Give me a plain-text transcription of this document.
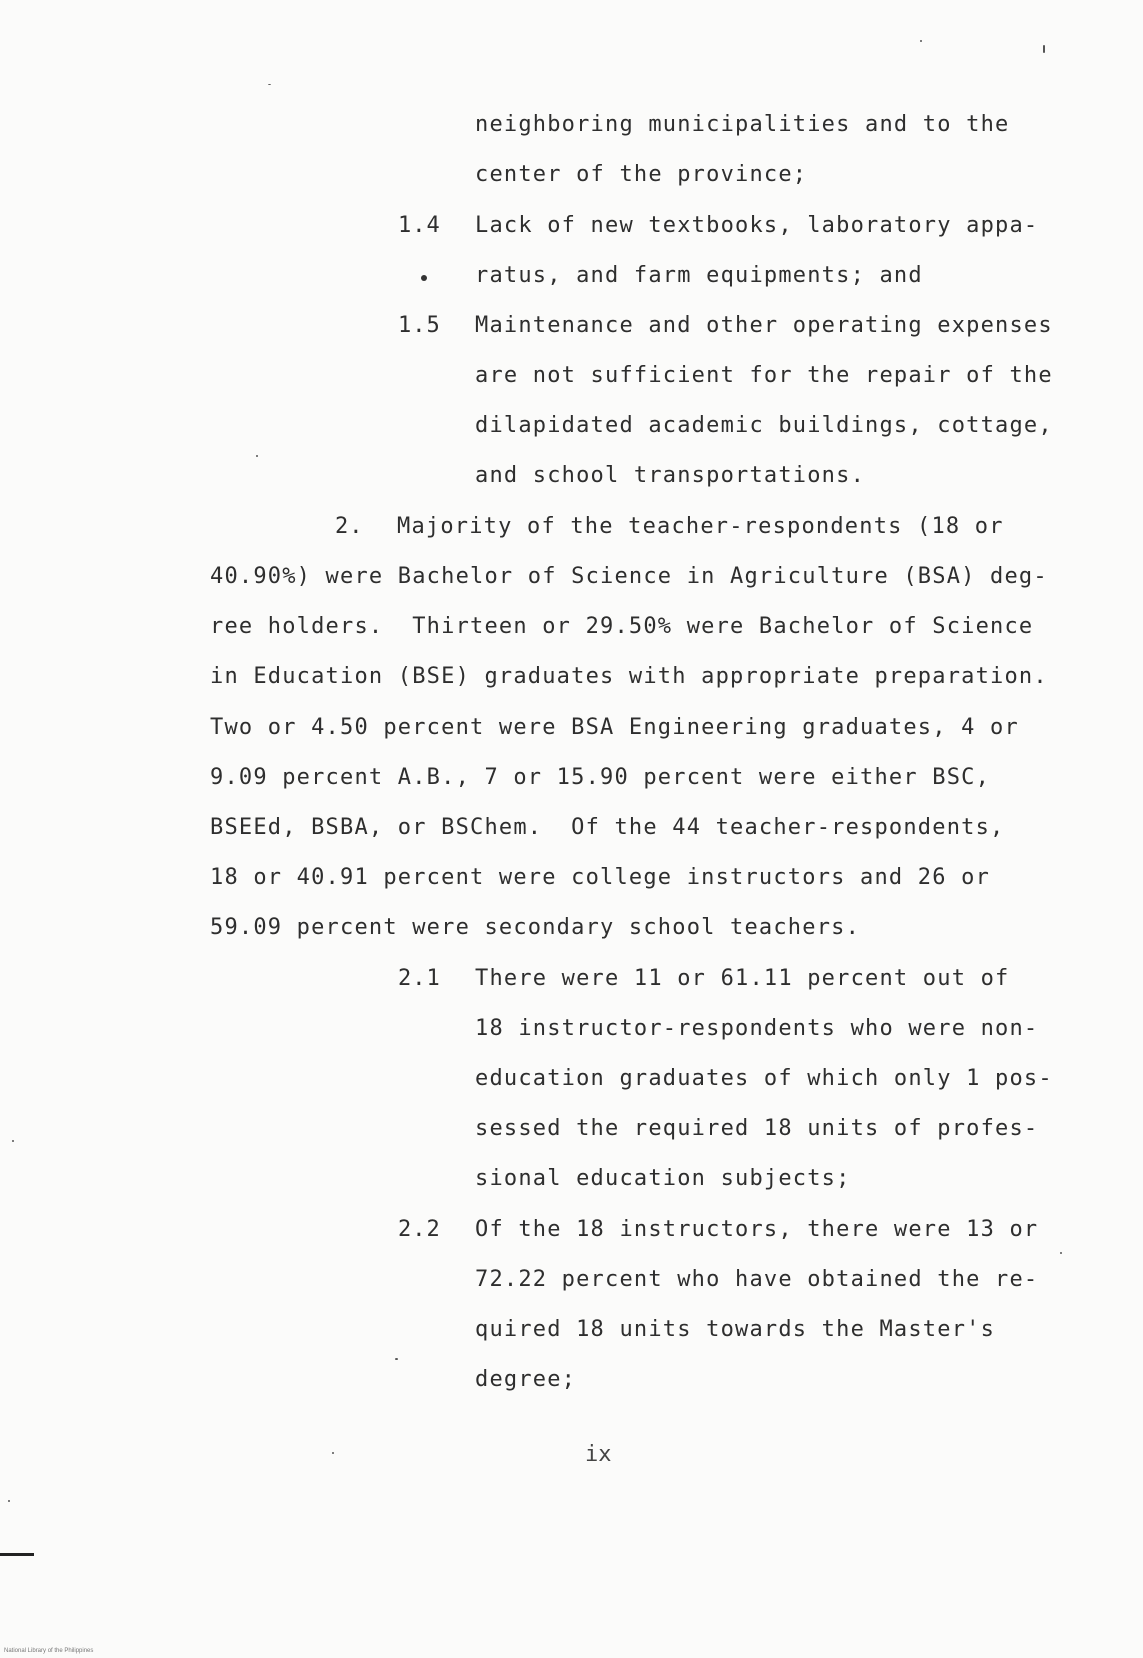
neighboring municipalities and to the
center of the province;
1.4 Lack of new textbooks, laboratory appa-
ratus, and farm equipments; and
1.5 Maintenance and other operating expenses
are not sufficient for the repair of the
dilapidated academic buildings, cottage,
and school transportations.
2. Majority of the teacher-respondents (18 or
40.90%) were Bachelor of Science in Agriculture (BSA) deg-
ree holders.  Thirteen or 29.50% were Bachelor of Science
in Education (BSE) graduates with appropriate preparation.
Two or 4.50 percent were BSA Engineering graduates, 4 or
9.09 percent A.B., 7 or 15.90 percent were either BSC,
BSEEd, BSBA, or BSChem.  Of the 44 teacher-respondents,
18 or 40.91 percent were college instructors and 26 or
59.09 percent were secondary school teachers.
2.1 There were 11 or 61.11 percent out of
18 instructor-respondents who were non-
education graduates of which only 1 pos-
sessed the required 18 units of profes-
sional education subjects;
2.2 Of the 18 instructors, there were 13 or
72.22 percent who have obtained the re-
quired 18 units towards the Master's
degree;
ix
National Library of the Philippines
